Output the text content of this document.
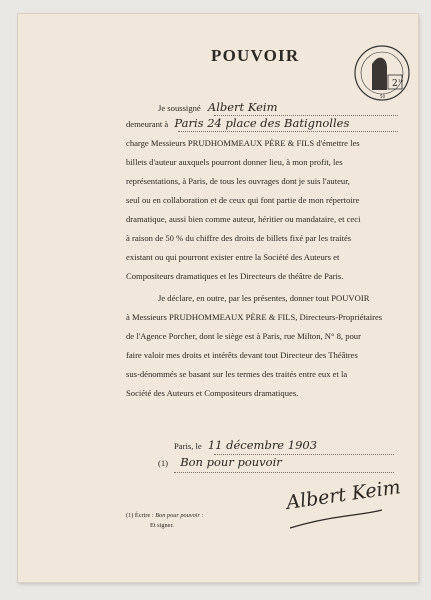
POUVOIR
2 10
50
Je soussigné Albert Keim
demeurant à Paris 24 place des Batignolles
charge Messieurs PRUDHOMMEAUX PÈRE & FILS d'émettre les
billets d'auteur auxquels pourront donner lieu, à mon profit, les
représentations, à Paris, de tous les ouvrages dont je suis l'auteur,
seul ou en collaboration et de ceux qui font partie de mon répertoire
dramatique, aussi bien comme auteur, héritier ou mandataire, et ceci
à raison de 50 % du chiffre des droits de billets fixé par les traités
existant ou qui pourront exister entre la Société des Auteurs et
Compositeurs dramatiques et les Directeurs de théâtre de Paris.
Je déclare, en outre, par les présentes, donner tout POUVOIR
à Messieurs PRUDHOMMEAUX PÈRE & FILS, Directeurs-Propriétaires
de l'Agence Porcher, dont le siège est à Paris, rue Milton, N° 8, pour
faire valoir mes droits et intérêts devant tout Directeur des Théâtres
sus-dénommés se basant sur les termes des traités entre eux et la
Société des Auteurs et Compositeurs dramatiques.
Paris, le 11 décembre 1903
(1) Bon pour pouvoir
(1) Écrire : Bon pour pouvoir :
Et signer.
Albert Keim
